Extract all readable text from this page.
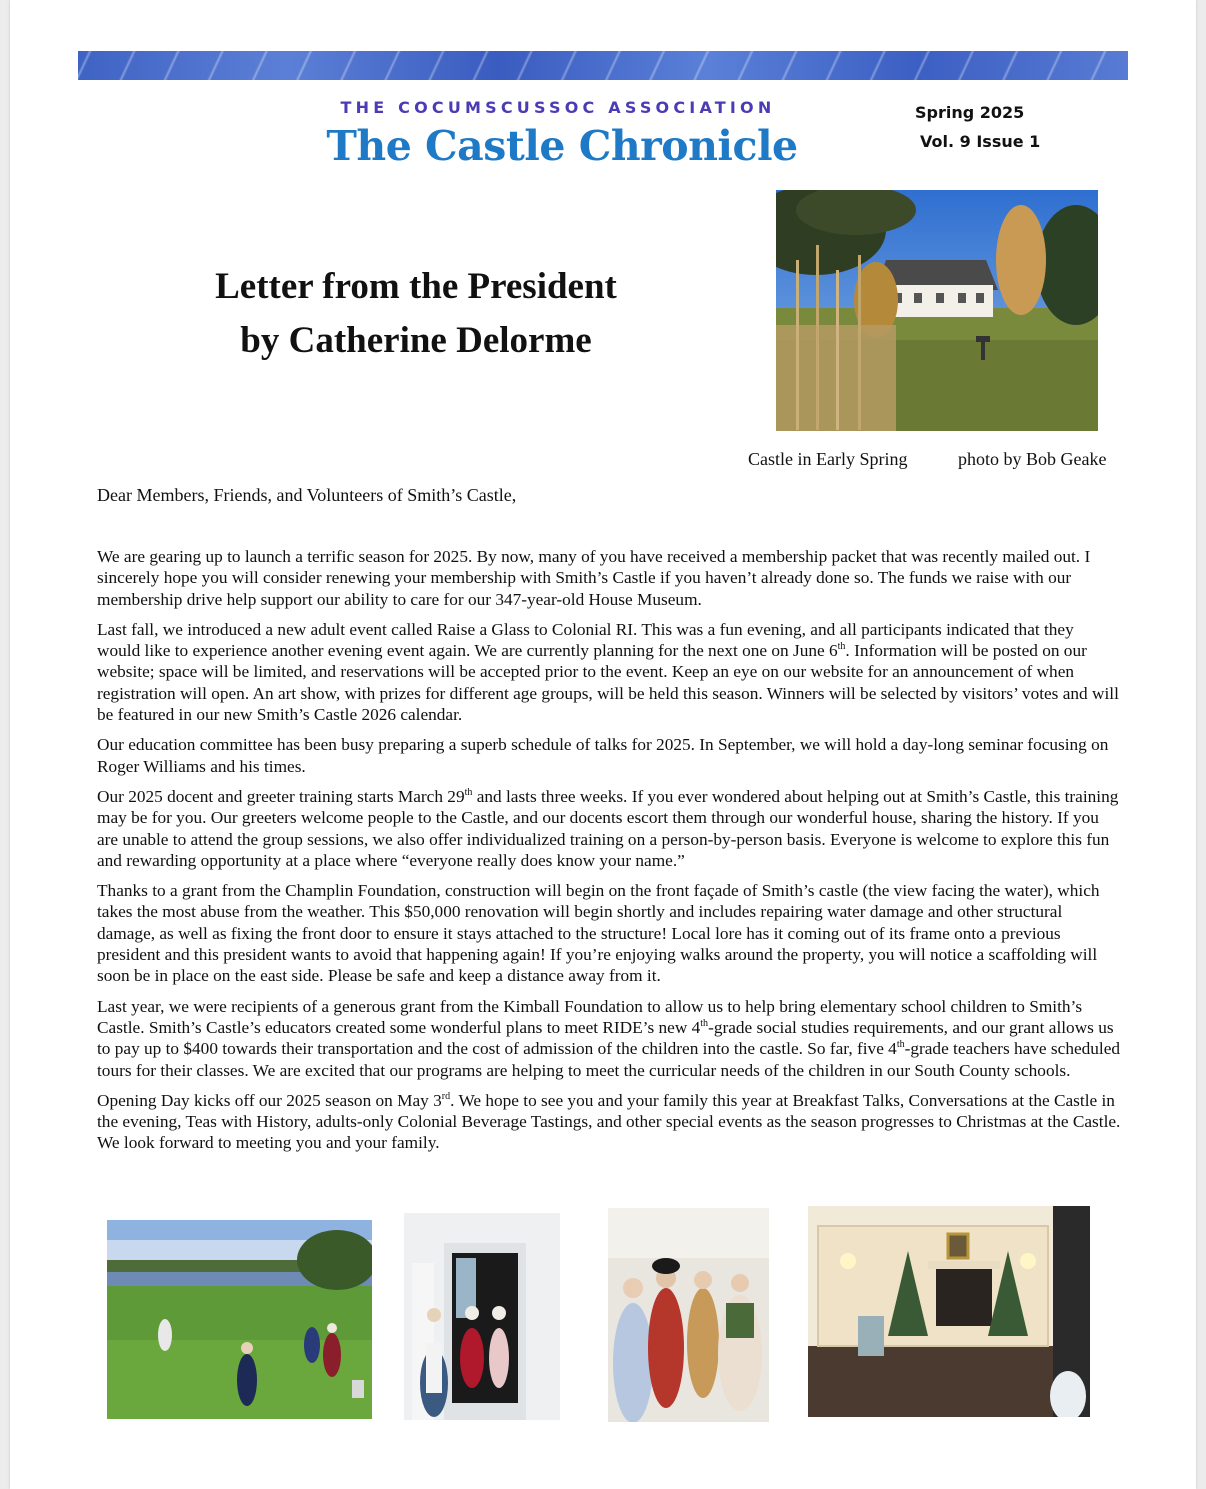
THE COCUMSCUSSOC ASSOCIATION
The Castle Chronicle
Spring 2025
Vol. 9 Issue 1
Letter from the President
by Catherine Delorme
Castle in Early Spring	photo by Bob Geake
Dear Members, Friends, and Volunteers of Smith’s Castle,

We are gearing up to launch a terrific season for 2025. By now, many of you have received a membership packet that was recently mailed out. I sincerely hope you will consider renewing your membership with Smith’s Castle if you haven’t already done so. The funds we raise with our membership drive help support our ability to care for our 347-year-old House Museum.

Last fall, we introduced a new adult event called Raise a Glass to Colonial RI. This was a fun evening, and all participants indicated that they would like to experience another evening event again. We are currently planning for the next one on June 6th. Information will be posted on our website; space will be limited, and reservations will be accepted prior to the event. Keep an eye on our website for an announcement of when registration will open. An art show, with prizes for different age groups, will be held this season. Winners will be selected by visitors’ votes and will be featured in our new Smith’s Castle 2026 calendar.

Our education committee has been busy preparing a superb schedule of talks for 2025. In September, we will hold a day-long seminar focusing on Roger Williams and his times.

Our 2025 docent and greeter training starts March 29th and lasts three weeks. If you ever wondered about helping out at Smith’s Castle, this training may be for you. Our greeters welcome people to the Castle, and our docents escort them through our wonderful house, sharing the history. If you are unable to attend the group sessions, we also offer individualized training on a person-by-person basis. Everyone is welcome to explore this fun and rewarding opportunity at a place where “everyone really does know your name.”

Thanks to a grant from the Champlin Foundation, construction will begin on the front façade of Smith’s castle (the view facing the water), which takes the most abuse from the weather. This $50,000 renovation will begin shortly and includes repairing water damage and other structural damage, as well as fixing the front door to ensure it stays attached to the structure! Local lore has it coming out of its frame onto a previous president and this president wants to avoid that happening again! If you’re enjoying walks around the property, you will notice a scaffolding will soon be in place on the east side. Please be safe and keep a distance away from it.

Last year, we were recipients of a generous grant from the Kimball Foundation to allow us to help bring elementary school children to Smith’s Castle. Smith’s Castle’s educators created some wonderful plans to meet RIDE’s new 4th-grade social studies requirements, and our grant allows us to pay up to $400 towards their transportation and the cost of admission of the children into the castle. So far, five 4th-grade teachers have scheduled tours for their classes. We are excited that our programs are helping to meet the curricular needs of the children in our South County schools.

Opening Day kicks off our 2025 season on May 3rd. We hope to see you and your family this year at Breakfast Talks, Conversations at the Castle in the evening, Teas with History, adults-only Colonial Beverage Tastings, and other special events as the season progresses to Christmas at the Castle. We look forward to meeting you and your family.
